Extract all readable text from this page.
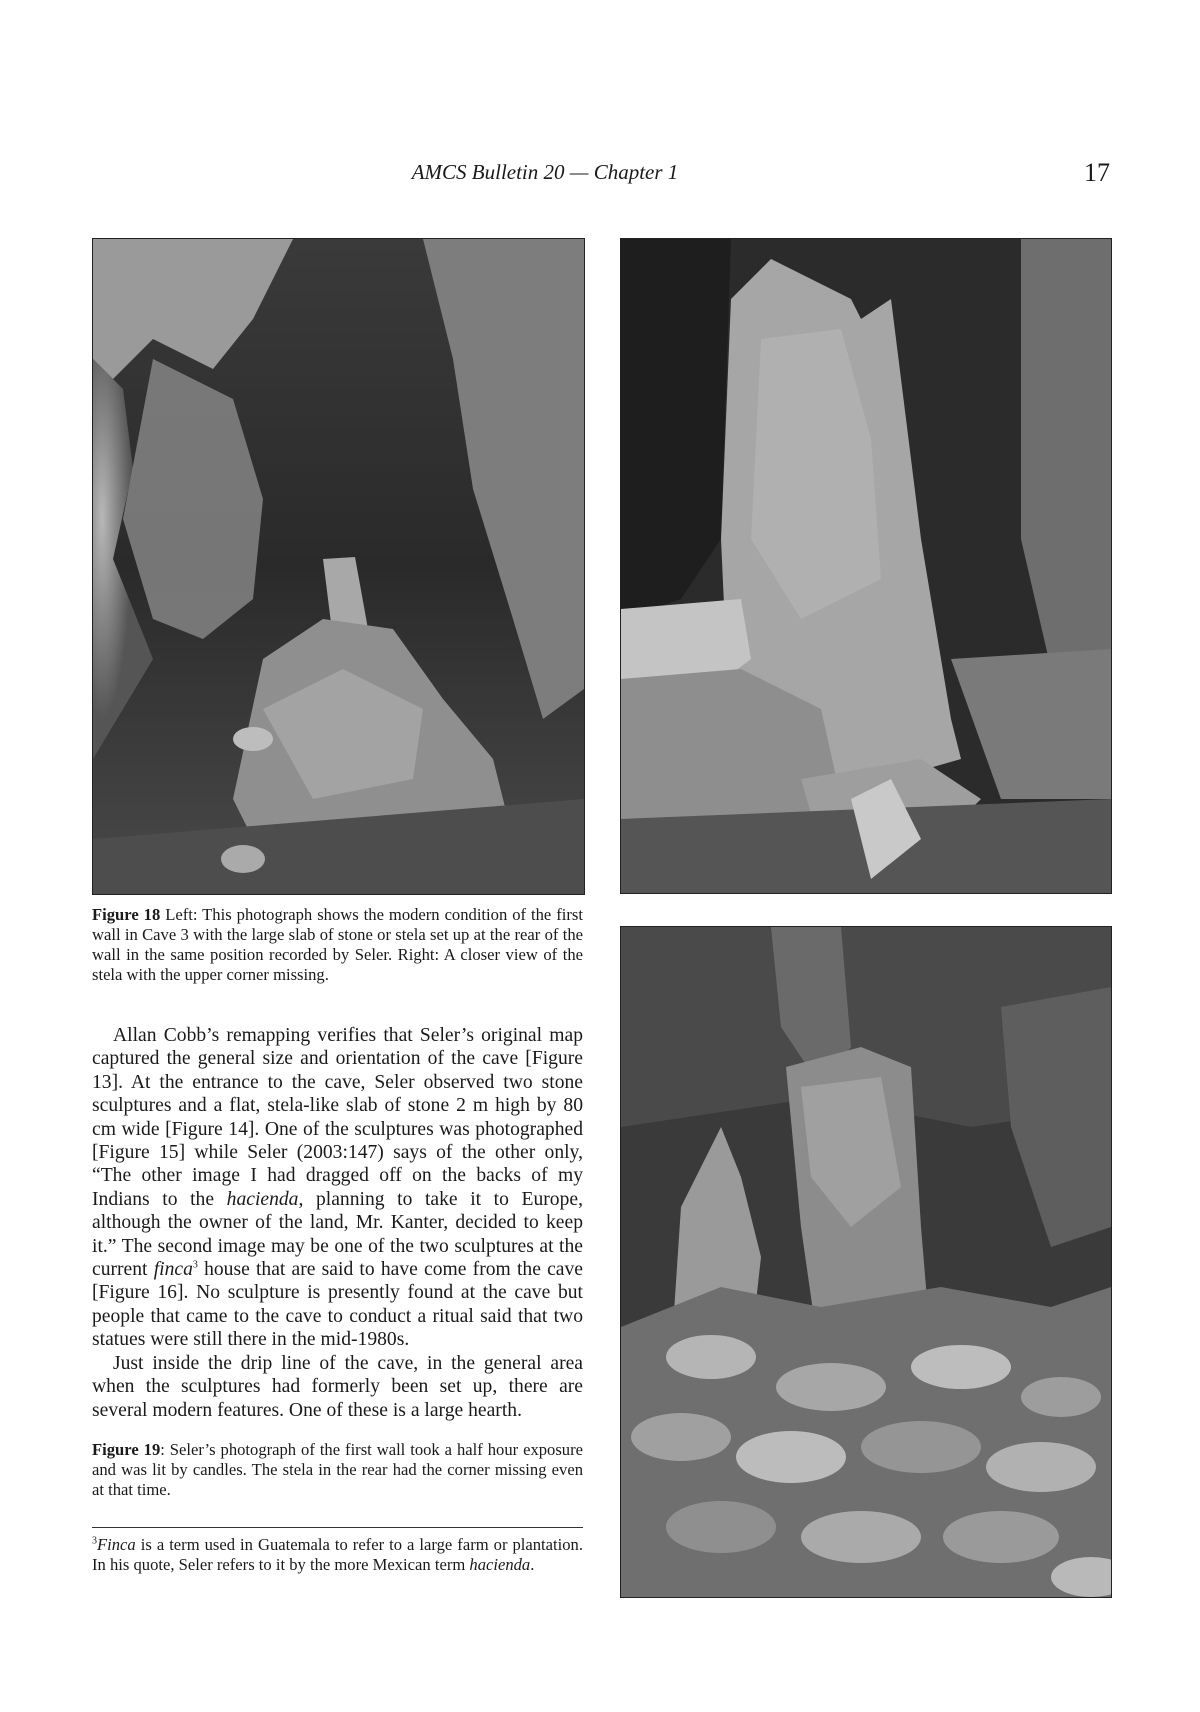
AMCS Bulletin 20 — Chapter 1	17
Figure 18 Left: This photograph shows the modern condition of the first wall in Cave 3 with the large slab of stone or stela set up at the rear of the wall in the same position recorded by Seler. Right: A closer view of the stela with the upper corner missing.

Allan Cobb’s remapping verifies that Seler’s original map captured the general size and orientation of the cave [Figure 13]. At the entrance to the cave, Seler observed two stone sculptures and a flat, stela-like slab of stone 2 m high by 80 cm wide [Figure 14]. One of the sculptures was photographed [Figure 15] while Seler (2003:147) says of the other only, “The other image I had dragged off on the backs of my Indians to the hacienda, planning to take it to Europe, although the owner of the land, Mr. Kanter, decided to keep it.” The second image may be one of the two sculptures at the current finca$^3$ house that are said to have come from the cave [Figure 16]. No sculpture is presently found at the cave but people that came to the cave to conduct a ritual said that two statues were still there in the mid-1980s.

Just inside the drip line of the cave, in the general area when the sculptures had formerly been set up, there are several modern features. One of these is a large hearth.

Figure 19: Seler’s photograph of the first wall took a half hour exposure and was lit by candles. The stela in the rear had the corner missing even at that time.
$^3$Finca is a term used in Guatemala to refer to a large farm or plantation. In his quote, Seler refers to it by the more Mexican term hacienda.
